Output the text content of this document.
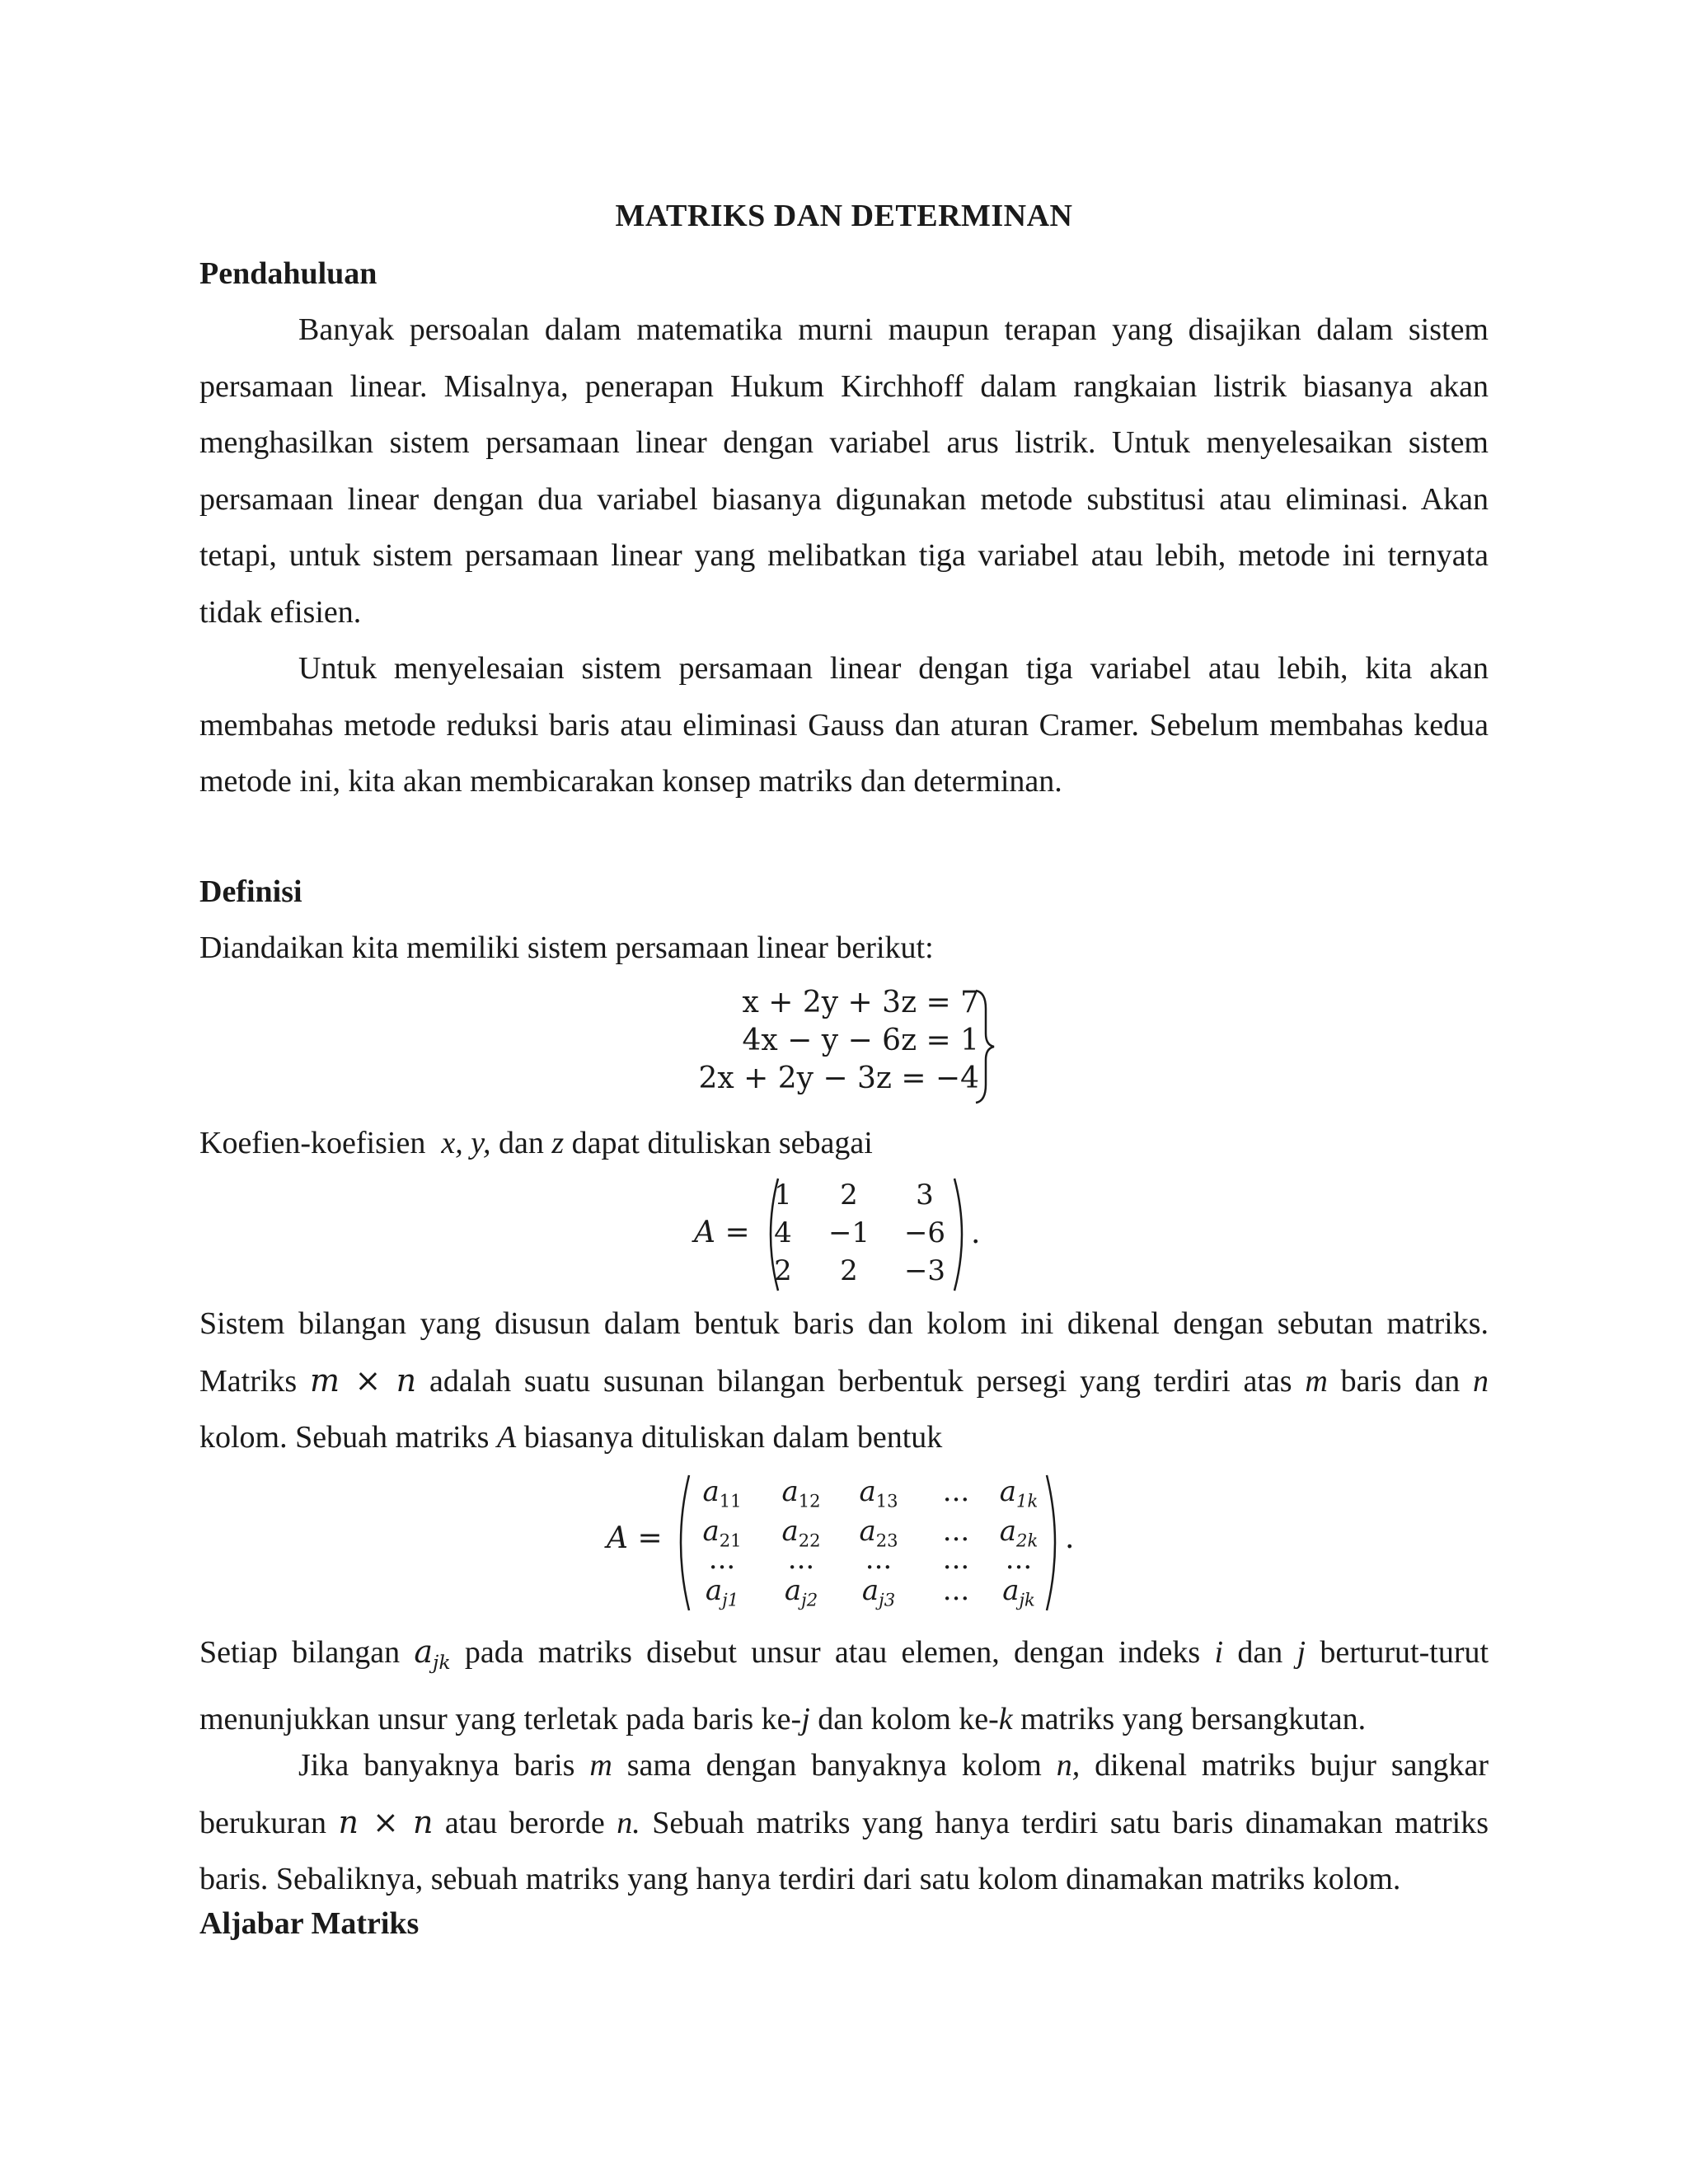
MATRIKS DAN DETERMINAN
Pendahuluan

Banyak persoalan dalam matematika murni maupun terapan yang disajikan dalam sistem persamaan linear. Misalnya, penerapan Hukum Kirchhoff dalam rangkaian listrik biasanya akan menghasilkan sistem persamaan linear dengan variabel arus listrik. Untuk menyelesaikan sistem persamaan linear dengan dua variabel biasanya digunakan metode substitusi atau eliminasi. Akan tetapi, untuk sistem persamaan linear yang melibatkan tiga variabel atau lebih, metode ini ternyata tidak efisien.

Untuk menyelesaian sistem persamaan linear dengan tiga variabel atau lebih, kita akan membahas metode reduksi baris atau eliminasi Gauss dan aturan Cramer. Sebelum membahas kedua metode ini, kita akan membicarakan konsep matriks dan determinan.

Definisi
Diandaikan kita memiliki sistem persamaan linear berikut:
x + 2y + 3z = 7
4x − y − 6z = 1
2x + 2y − 3z = −4
Koefien-koefisien x, y, dan z dapat dituliskan sebagai
A =
1	2	3
4	−1	−6
2	2	−3
.

Sistem bilangan yang disusun dalam bentuk baris dan kolom ini dikenal dengan sebutan matriks. Matriks m × n adalah suatu susunan bilangan berbentuk persegi yang terdiri atas m baris dan n kolom. Sebuah matriks A biasanya dituliskan dalam bentuk

A =
$a_{11}$	$a_{12}$	$a_{13}$	...	$a_{1k}$
$a_{21}$	$a_{22}$	$a_{23}$	...	$a_{2k}$
...	...	...	...	...
$a_{j1}$	$a_{j2}$	$a_{j3}$	...	$a_{jk}$
.

Setiap bilangan $a_{jk}$ pada matriks disebut unsur atau elemen, dengan indeks i dan j berturut-turut menunjukkan unsur yang terletak pada baris ke-j dan kolom ke-k matriks yang bersangkutan.

Jika banyaknya baris m sama dengan banyaknya kolom n, dikenal matriks bujur sangkar berukuran n × n atau berorde n. Sebuah matriks yang hanya terdiri satu baris dinamakan matriks baris. Sebaliknya, sebuah matriks yang hanya terdiri dari satu kolom dinamakan matriks kolom.

Aljabar Matriks
